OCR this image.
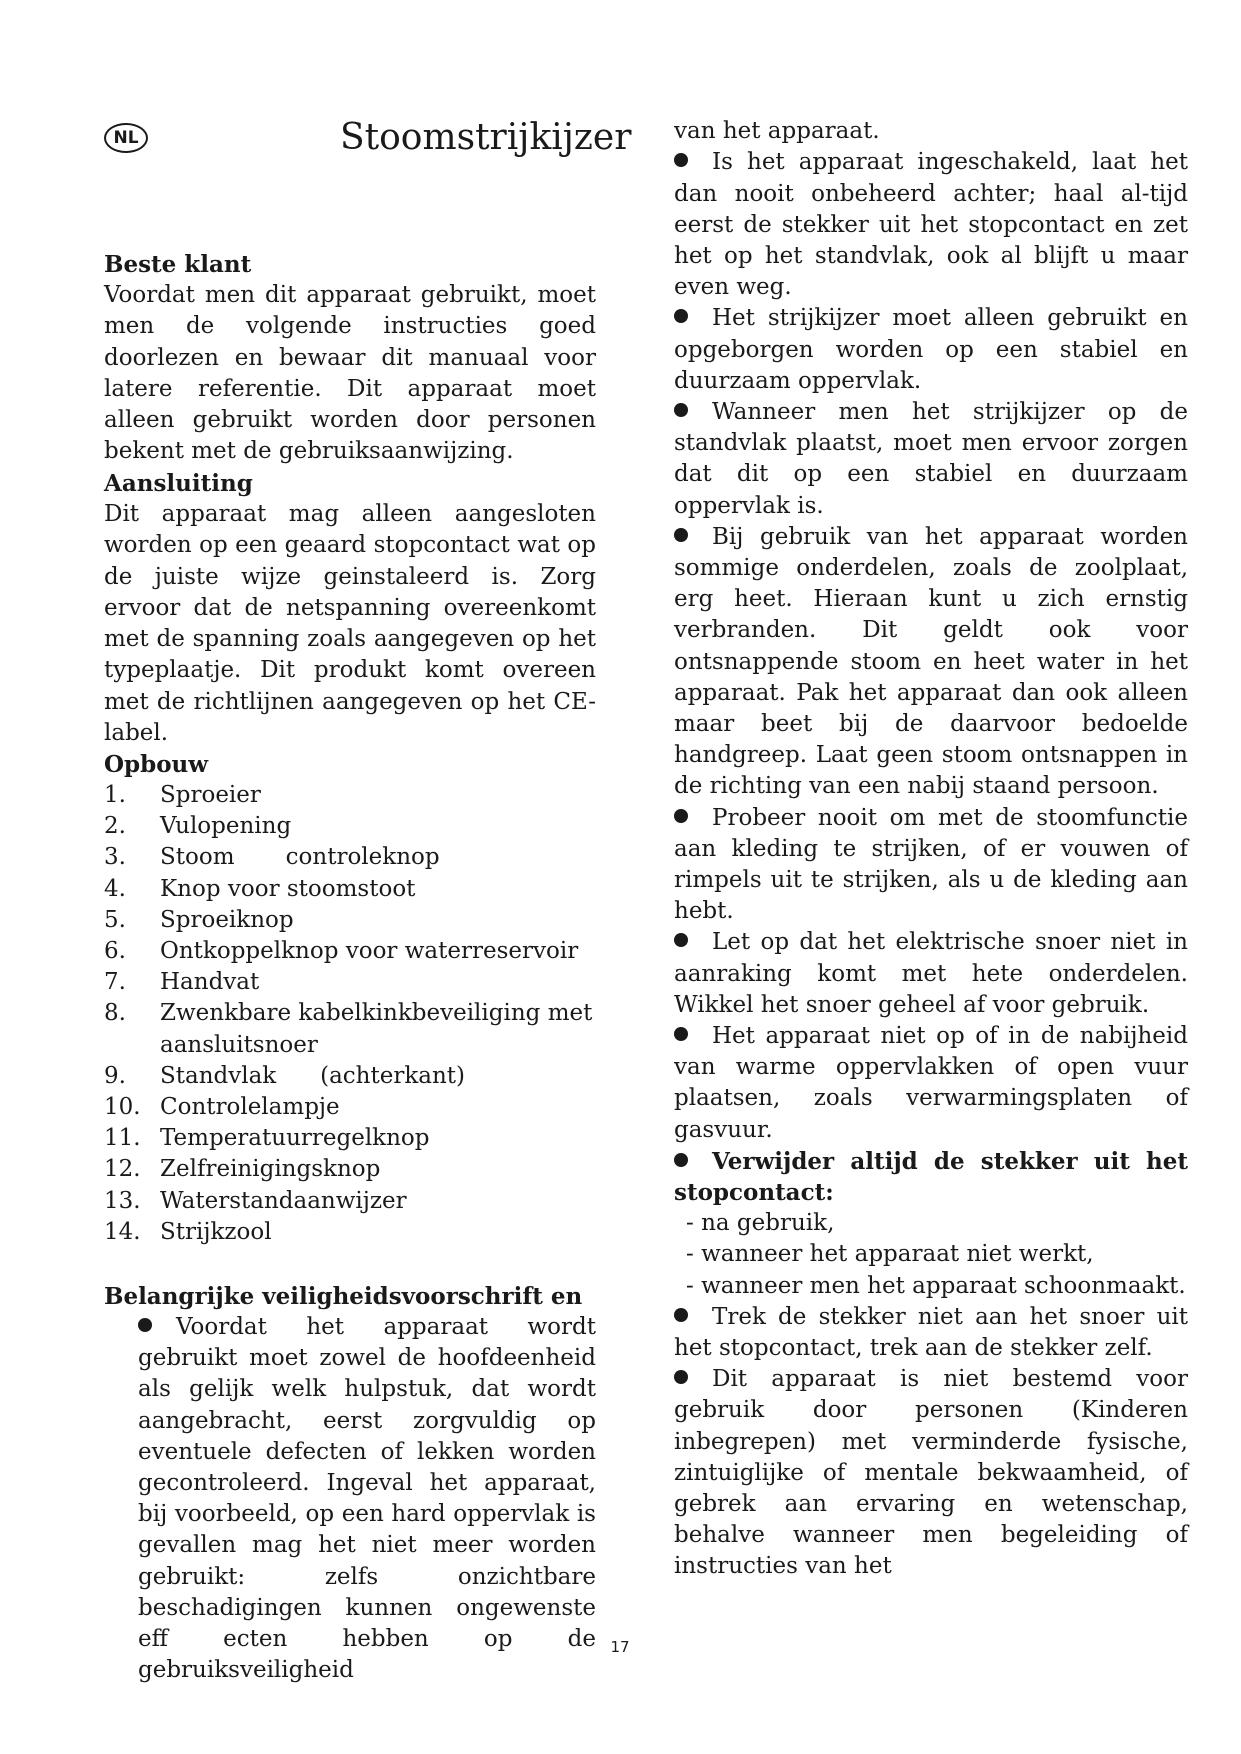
NL	Stoomstrijkijzer
Beste klant

Voordat men dit apparaat gebruikt, moet men de volgende instructies goed doorlezen en bewaar dit manuaal voor latere referentie. Dit apparaat moet alleen gebruikt worden door personen bekent met de gebruiksaanwijzing.

Aansluiting

Dit apparaat mag alleen aangesloten worden op een geaard stopcontact wat op de juiste wijze geinstaleerd is. Zorg ervoor dat de netspanning overeenkomt met de spanning zoals aangegeven op het typeplaatje. Dit produkt komt overeen met de richtlijnen aangegeven op het CE-label.

Opbouw
1.	Sproeier
2.	Vulopening
3.	Stoom       controleknop
4.	Knop voor stoomstoot
5.	Sproeiknop
6.	Ontkoppelknop voor waterreservoir
7.	Handvat
8.	Zwenkbare kabelkinkbeveiliging met aansluitsnoer
9.	Standvlak      (achterkant)
10. Controlelampje
11. Temperatuurregelknop
12. Zelfreinigingsknop
13. Waterstandaanwijzer
14. Strijkzool
Belangrijke veiligheidsvoorschrift en
Voordat het apparaat wordt gebruikt moet zowel de hoofdeenheid als gelijk welk hulpstuk, dat wordt aangebracht, eerst zorgvuldig op eventuele defecten of lekken worden gecontroleerd. Ingeval het apparaat, bij voorbeeld, op een hard oppervlak is gevallen mag het niet meer worden gebruikt: zelfs onzichtbare beschadigingen kunnen ongewenste eff ecten hebben op de gebruiksveiligheid

van het apparaat.

Is het apparaat ingeschakeld, laat het dan nooit onbeheerd achter; haal al-tijd eerst de stekker uit het stopcontact en zet het op het standvlak, ook al blijft u maar even weg.
Het strijkijzer moet alleen gebruikt en opgeborgen worden op een stabiel en duurzaam oppervlak.
Wanneer men het strijkijzer op de standvlak plaatst, moet men ervoor zorgen dat dit op een stabiel en duurzaam oppervlak is.
Bij gebruik van het apparaat worden sommige onderdelen, zoals de zoolplaat, erg heet. Hieraan kunt u zich ernstig verbranden. Dit geldt ook voor ontsnappende stoom en heet water in het apparaat. Pak het apparaat dan ook alleen maar beet bij de daarvoor bedoelde handgreep. Laat geen stoom ontsnappen in de richting van een nabij staand persoon.
Probeer nooit om met de stoomfunctie aan kleding te strijken, of er vouwen of rimpels uit te strijken, als u de kleding aan hebt.
Let op dat het elektrische snoer niet in aanraking komt met hete onderdelen. Wikkel het snoer geheel af voor gebruik.
Het apparaat niet op of in de nabijheid van warme oppervlakken of open vuur plaatsen, zoals verwarmingsplaten of gasvuur.
Verwijder altijd de stekker uit het stopcontact:
- na gebruik,
- wanneer het apparaat niet werkt,
- wanneer men het apparaat schoonmaakt.
Trek de stekker niet aan het snoer uit het stopcontact, trek aan de stekker zelf.
Dit apparaat is niet bestemd voor gebruik door personen (Kinderen inbegrepen) met verminderde fysische, zintuiglijke of mentale bekwaamheid, of gebrek aan ervaring en wetenschap, behalve wanneer men begeleiding of instructies van het
17
